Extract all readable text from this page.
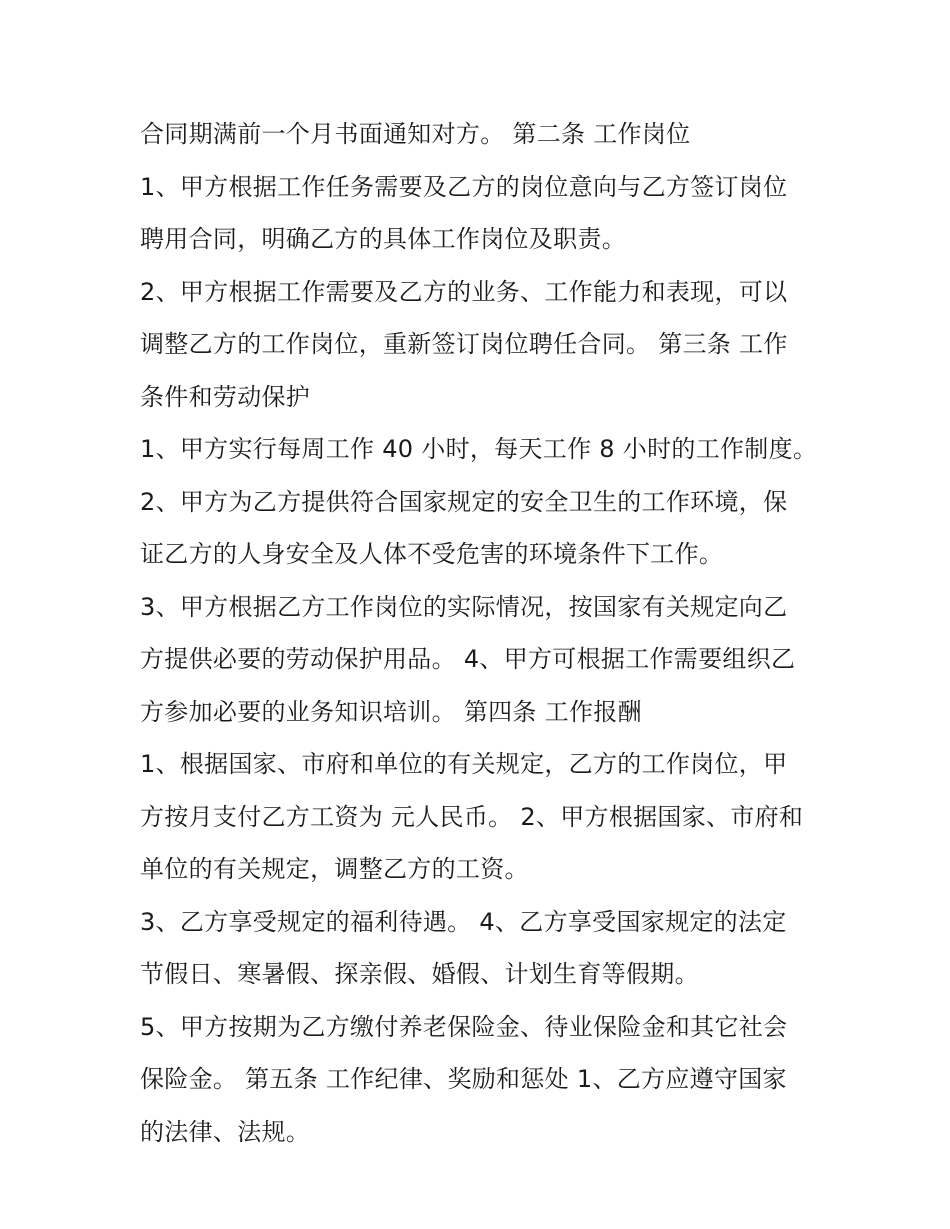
合同期满前一个月书面通知对方。 第二条 工作岗位
1、甲方根据工作任务需要及乙方的岗位意向与乙方签订岗位
聘用合同，明确乙方的具体工作岗位及职责。
2、甲方根据工作需要及乙方的业务、工作能力和表现，可以
调整乙方的工作岗位，重新签订岗位聘任合同。 第三条 工作
条件和劳动保护
1、甲方实行每周工作 40 小时，每天工作 8 小时的工作制度。
2、甲方为乙方提供符合国家规定的安全卫生的工作环境，保
证乙方的人身安全及人体不受危害的环境条件下工作。
3、甲方根据乙方工作岗位的实际情况，按国家有关规定向乙
方提供必要的劳动保护用品。 4、甲方可根据工作需要组织乙
方参加必要的业务知识培训。 第四条 工作报酬
1、根据国家、市府和单位的有关规定，乙方的工作岗位，甲
方按月支付乙方工资为 元人民币。 2、甲方根据国家、市府和
单位的有关规定，调整乙方的工资。
3、乙方享受规定的福利待遇。 4、乙方享受国家规定的法定
节假日、寒暑假、探亲假、婚假、计划生育等假期。
5、甲方按期为乙方缴付养老保险金、待业保险金和其它社会
保险金。 第五条 工作纪律、奖励和惩处 1、乙方应遵守国家
的法律、法规。
